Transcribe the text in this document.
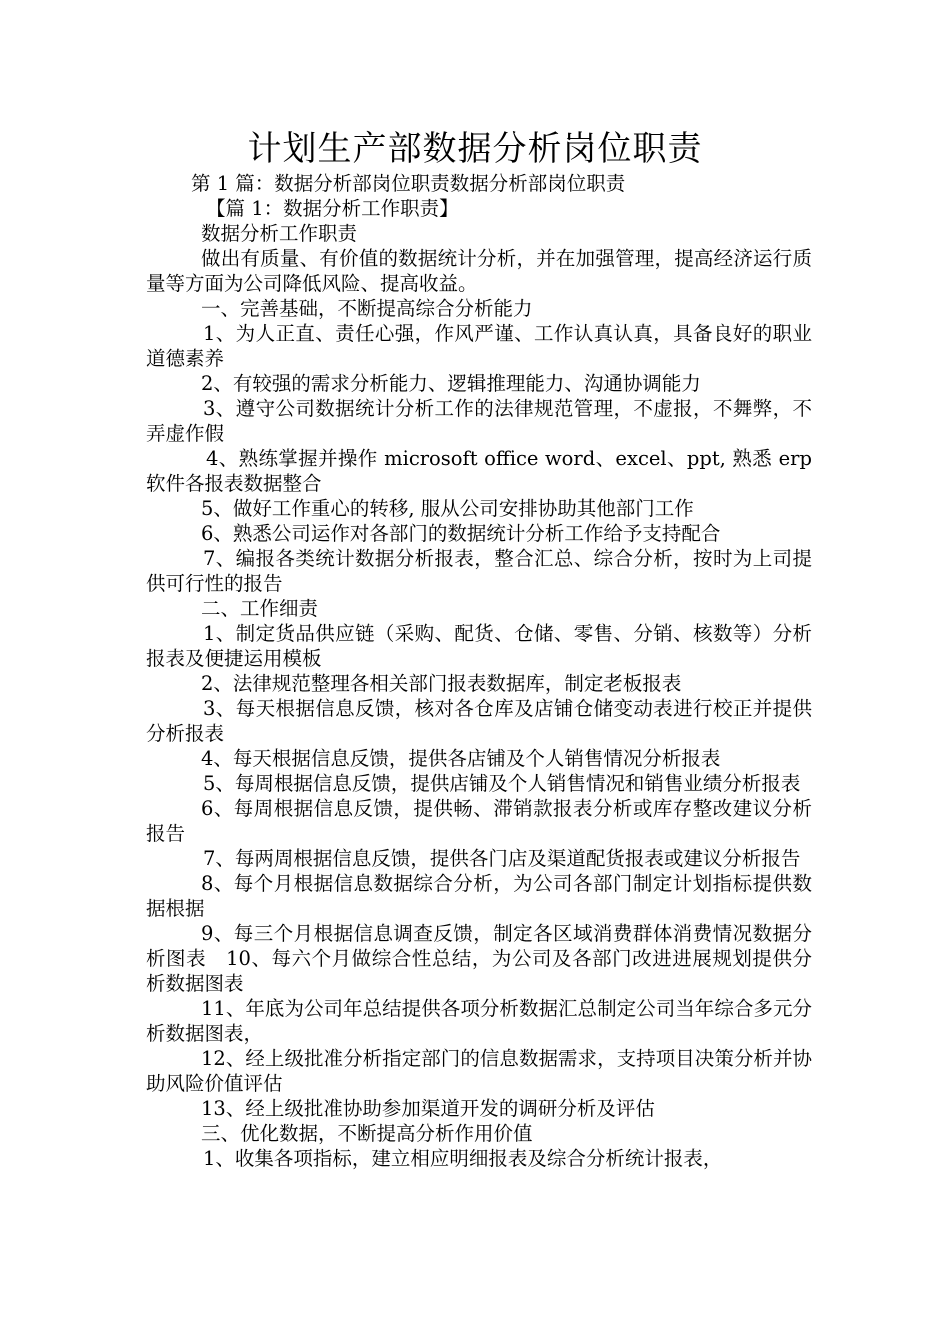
计划生产部数据分析岗位职责

第 1 篇：数据分析部岗位职责数据分析部岗位职责

【篇 1：数据分析工作职责】

数据分析工作职责

做出有质量、有价值的数据统计分析，并在加强管理，提高经济运行质量等方面为公司降低风险、提高收益。

一、完善基础，不断提高综合分析能力

1、为人正直、责任心强，作风严谨、工作认真认真，具备良好的职业道德素养

2、有较强的需求分析能力、逻辑推理能力、沟通协调能力

3、遵守公司数据统计分析工作的法律规范管理，不虚报，不舞弊，不弄虚作假

4、熟练掌握并操作 microsoft office word、excel、ppt, 熟悉 erp 软件各报表数据整合

5、做好工作重心的转移, 服从公司安排协助其他部门工作

6、熟悉公司运作对各部门的数据统计分析工作给予支持配合

7、编报各类统计数据分析报表，整合汇总、综合分析，按时为上司提供可行性的报告

二、工作细责

1、制定货品供应链（采购、配货、仓储、零售、分销、核数等）分析报表及便捷运用模板

2、法律规范整理各相关部门报表数据库，制定老板报表

3、每天根据信息反馈，核对各仓库及店铺仓储变动表进行校正并提供分析报表

4、每天根据信息反馈，提供各店铺及个人销售情况分析报表

5、每周根据信息反馈，提供店铺及个人销售情况和销售业绩分析报表

6、每周根据信息反馈，提供畅、滞销款报表分析或库存整改建议分析报告

7、每两周根据信息反馈，提供各门店及渠道配货报表或建议分析报告

8、每个月根据信息数据综合分析，为公司各部门制定计划指标提供数据根据

9、每三个月根据信息调查反馈，制定各区域消费群体消费情况数据分析图表　10、每六个月做综合性总结，为公司及各部门改进进展规划提供分析数据图表

11、年底为公司年总结提供各项分析数据汇总制定公司当年综合多元分析数据图表，

12、经上级批准分析指定部门的信息数据需求，支持项目决策分析并协助风险价值评估

13、经上级批准协助参加渠道开发的调研分析及评估

三、优化数据，不断提高分析作用价值

1、收集各项指标，建立相应明细报表及综合分析统计报表，
